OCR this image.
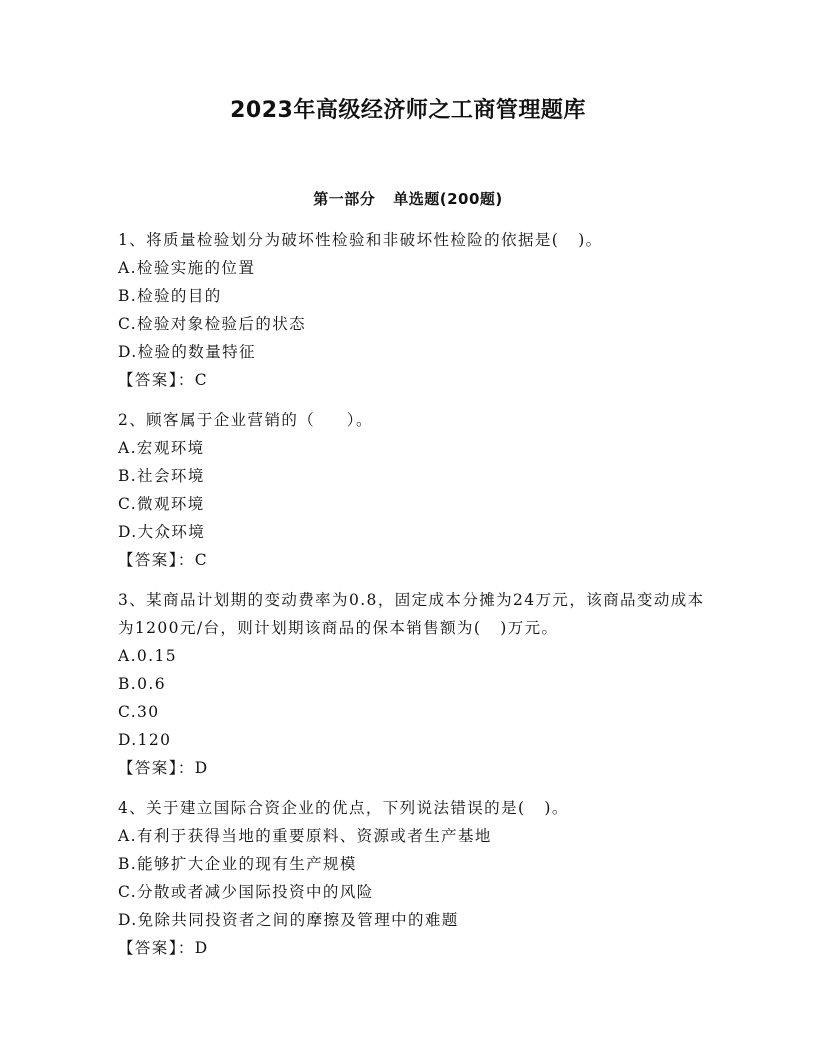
2023年高级经济师之工商管理题库
第一部分 单选题(200题)
1、将质量检验划分为破坏性检验和非破坏性检险的依据是(   )。
A.检验实施的位置
B.检验的目的
C.检验对象检验后的状态
D.检验的数量特征
【答案】：C
2、顾客属于企业营销的（     ）。
A.宏观环境
B.社会环境
C.微观环境
D.大众环境
【答案】：C
3、某商品计划期的变动费率为0.8，固定成本分摊为24万元，该商品变动成本为1200元/台，则计划期该商品的保本销售额为(   )万元。
A.0.15
B.0.6
C.30
D.120
【答案】：D
4、关于建立国际合资企业的优点，下列说法错误的是(   )。
A.有利于获得当地的重要原料、资源或者生产基地
B.能够扩大企业的现有生产规模
C.分散或者减少国际投资中的风险
D.免除共同投资者之间的摩擦及管理中的难题
【答案】：D
